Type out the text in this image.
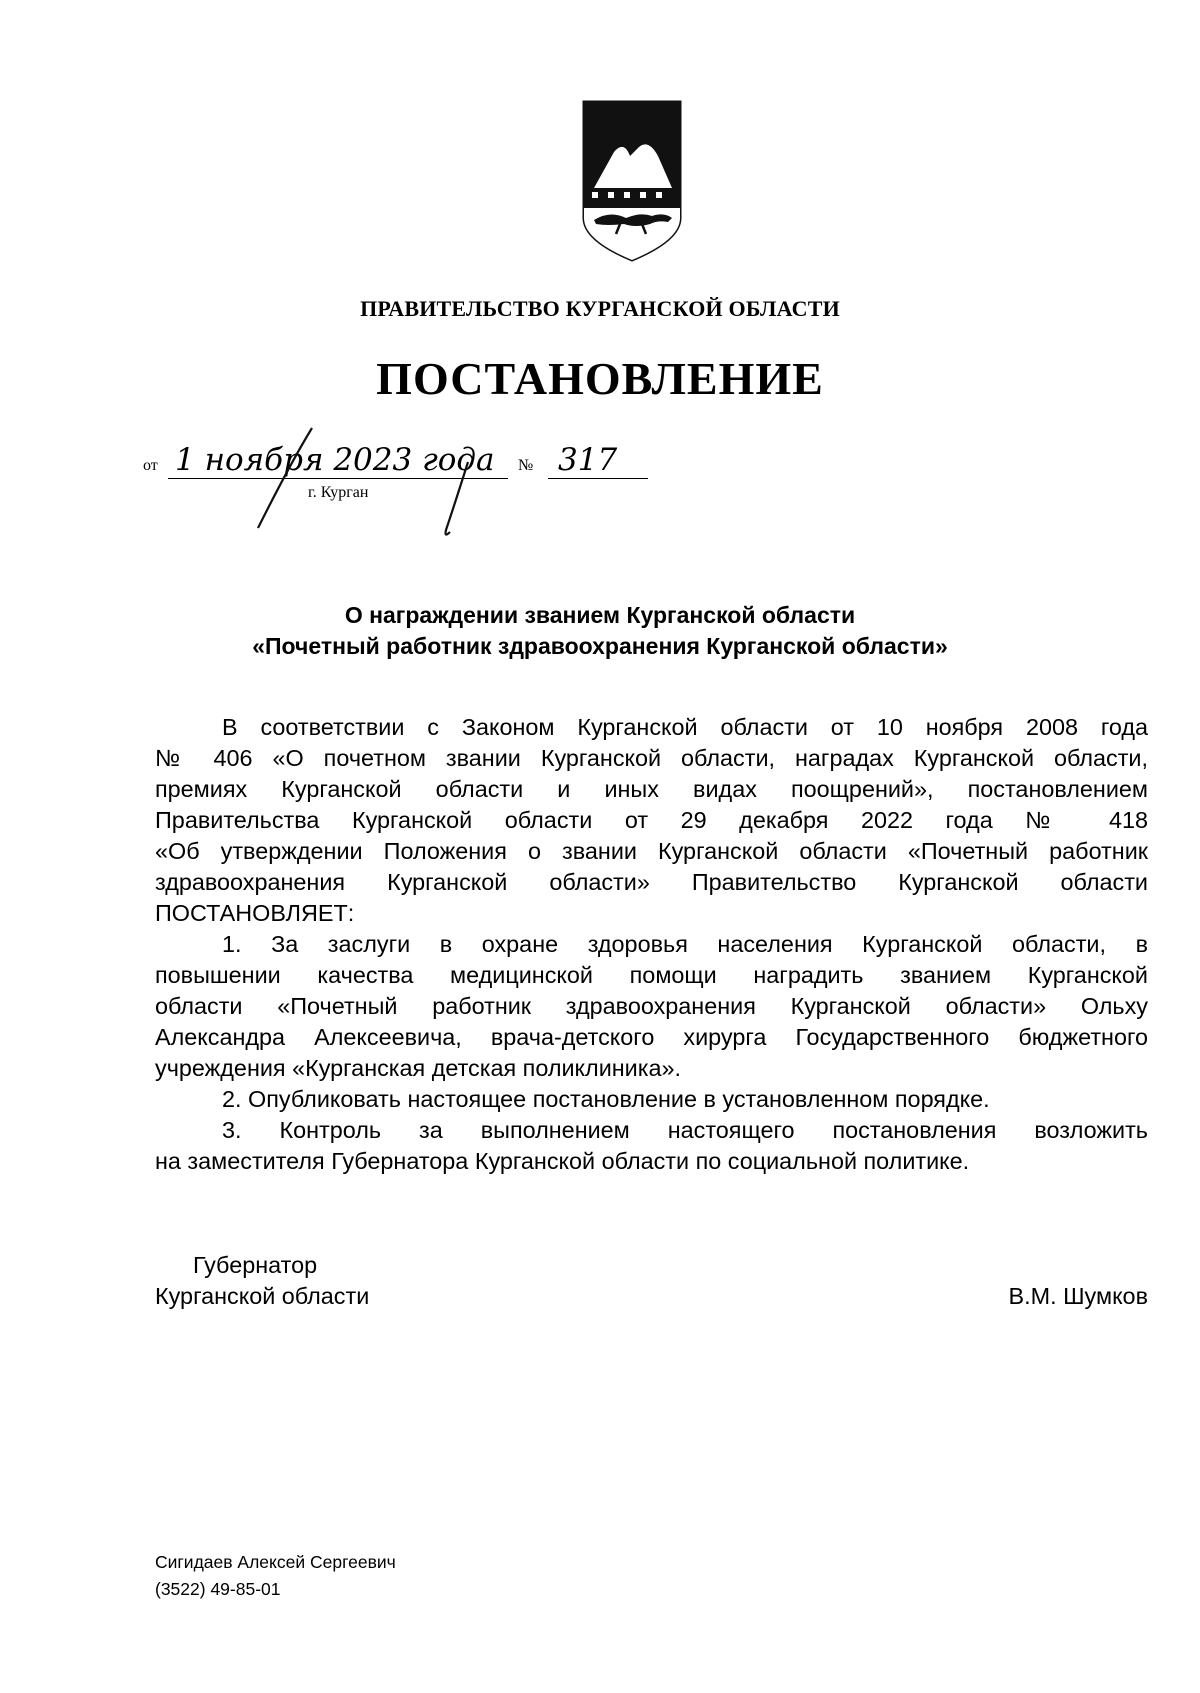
ПРАВИТЕЛЬСТВО КУРГАНСКОЙ ОБЛАСТИ
ПОСТАНОВЛЕНИЕ
от 1 ноября 2023 года № 317
г. Курган
О награждении званием Курганской области
«Почетный работник здравоохранения Курганской области»
В соответствии с Законом Курганской области от 10 ноября 2008 года
№ 406 «О почетном звании Курганской области, наградах Курганской области,
премиях Курганской области и иных видах поощрений», постановлением
Правительства Курганской области от 29 декабря 2022 года № 418
«Об утверждении Положения о звании Курганской области «Почетный работник
здравоохранения Курганской области» Правительство Курганской области
ПОСТАНОВЛЯЕТ:
1. За заслуги в охране здоровья населения Курганской области, в
повышении качества медицинской помощи наградить званием Курганской
области «Почетный работник здравоохранения Курганской области» Ольху
Александра Алексеевича, врача-детского хирурга Государственного бюджетного
учреждения «Курганская детская поликлиника».
2. Опубликовать настоящее постановление в установленном порядке.
3. Контроль за выполнением настоящего постановления возложить
на заместителя Губернатора Курганской области по социальной политике.
Губернатор
Курганской области	В.М. Шумков
Сигидаев Алексей Сергеевич
(3522) 49-85-01
